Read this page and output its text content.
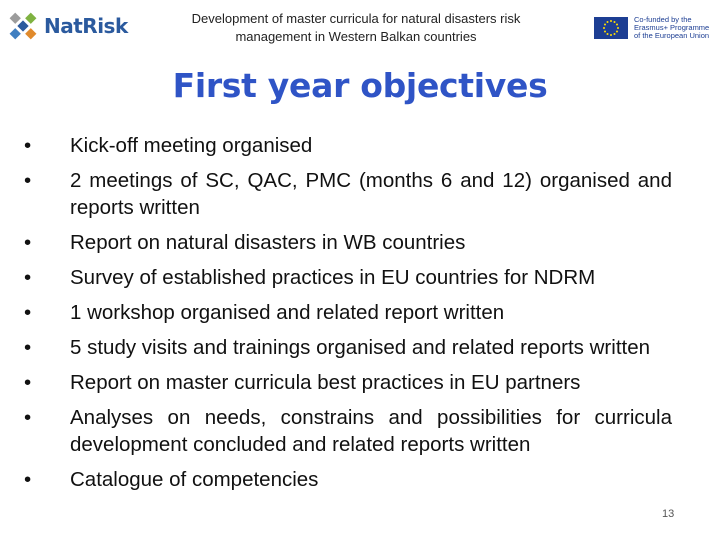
NatRisk	Development of master curricula for natural disasters risk management in Western Balkan countries
Co-funded by the
Erasmus+ Programme
of the European Union
First year objectives
•	Kick-off meeting organised
•	2 meetings of SC, QAC, PMC (months 6 and 12) organised and reports written
•	Report on natural disasters in WB countries
•	Survey of established practices in EU countries for NDRM
•	1 workshop organised and related report written
•	5 study visits and trainings organised and related reports written
•	Report on master curricula best practices in EU partners
•	Analyses on needs, constrains and possibilities for curricula development concluded and related reports written
•	Catalogue of competencies
13
